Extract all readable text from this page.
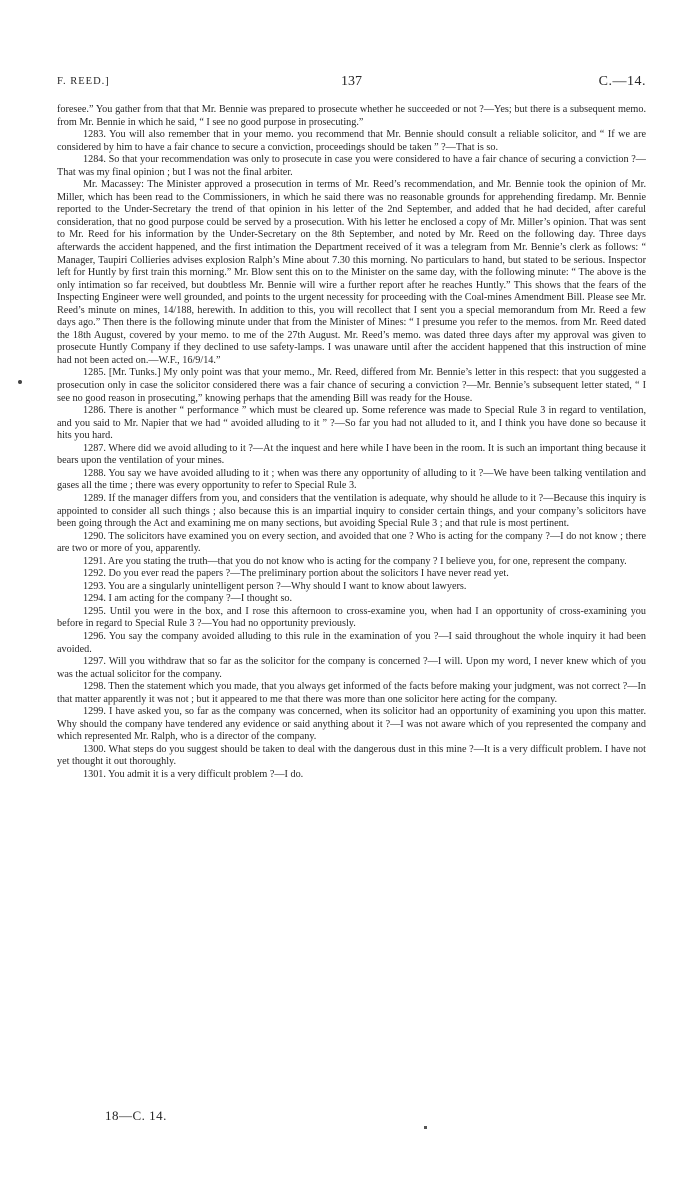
F. REED.]	137	C.—14.

foresee.” You gather from that that Mr. Bennie was prepared to prosecute whether he succeeded or not ?—Yes; but there is a subsequent memo. from Mr. Bennie in which he said, “ I see no good purpose in prosecuting.”

1283. You will also remember that in your memo. you recommend that Mr. Bennie should consult a reliable solicitor, and “ If we are considered by him to have a fair chance to secure a conviction, proceedings should be taken ” ?—That is so.

1284. So that your recommendation was only to prosecute in case you were considered to have a fair chance of securing a conviction ?—That was my final opinion ; but I was not the final arbiter.

Mr. Macassey: The Minister approved a prosecution in terms of Mr. Reed’s recommendation, and Mr. Bennie took the opinion of Mr. Miller, which has been read to the Commissioners, in which he said there was no reasonable grounds for apprehending firedamp. Mr. Bennie reported to the Under-Secretary the trend of that opinion in his letter of the 2nd September, and added that he had decided, after careful consideration, that no good purpose could be served by a prosecution. With his letter he enclosed a copy of Mr. Miller’s opinion. That was sent to Mr. Reed for his information by the Under-Secretary on the 8th September, and noted by Mr. Reed on the following day. Three days afterwards the accident happened, and the first intimation the Department received of it was a telegram from Mr. Bennie’s clerk as follows: “ Manager, Taupiri Collieries advises explosion Ralph’s Mine about 7.30 this morning. No particulars to hand, but stated to be serious. Inspector left for Huntly by first train this morning.” Mr. Blow sent this on to the Minister on the same day, with the following minute: “ The above is the only intimation so far received, but doubtless Mr. Bennie will wire a further report after he reaches Huntly.” This shows that the fears of the Inspecting Engineer were well grounded, and points to the urgent necessity for proceeding with the Coal-mines Amendment Bill. Please see Mr. Reed’s minute on mines, 14/188, herewith. In addition to this, you will recollect that I sent you a special memorandum from Mr. Reed a few days ago.” Then there is the following minute under that from the Minister of Mines: “ I presume you refer to the memos. from Mr. Reed dated the 18th August, covered by your memo. to me of the 27th August. Mr. Reed’s memo. was dated three days after my approval was given to prosecute Huntly Company if they declined to use safety-lamps. I was unaware until after the accident happened that this instruction of mine had not been acted on.—W.F., 16/9/14.”

1285. [Mr. Tunks.] My only point was that your memo., Mr. Reed, differed from Mr. Bennie’s letter in this respect: that you suggested a prosecution only in case the solicitor considered there was a fair chance of securing a conviction ?—Mr. Bennie’s subsequent letter stated, “ I see no good reason in prosecuting,” knowing perhaps that the amending Bill was ready for the House.

1286. There is another “ performance ” which must be cleared up. Some reference was made to Special Rule 3 in regard to ventilation, and you said to Mr. Napier that we had “ avoided alluding to it ” ?—So far you had not alluded to it, and I think you have done so because it hits you hard.

1287. Where did we avoid alluding to it ?—At the inquest and here while I have been in the room. It is such an important thing because it bears upon the ventilation of your mines.

1288. You say we have avoided alluding to it ; when was there any opportunity of alluding to it ?—We have been talking ventilation and gases all the time ; there was every opportunity to refer to Special Rule 3.

1289. If the manager differs from you, and considers that the ventilation is adequate, why should he allude to it ?—Because this inquiry is appointed to consider all such things ; also because this is an impartial inquiry to consider certain things, and your company’s solicitors have been going through the Act and examining me on many sections, but avoiding Special Rule 3 ; and that rule is most pertinent.

1290. The solicitors have examined you on every section, and avoided that one ? Who is acting for the company ?—I do not know ; there are two or more of you, apparently.

1291. Are you stating the truth—that you do not know who is acting for the company ? I believe you, for one, represent the company.

1292. Do you ever read the papers ?—The preliminary portion about the solicitors I have never read yet.

1293. You are a singularly unintelligent person ?—Why should I want to know about lawyers.

1294. I am acting for the company ?—I thought so.

1295. Until you were in the box, and I rose this afternoon to cross-examine you, when had I an opportunity of cross-examining you before in regard to Special Rule 3 ?—You had no opportunity previously.

1296. You say the company avoided alluding to this rule in the examination of you ?—I said throughout the whole inquiry it had been avoided.

1297. Will you withdraw that so far as the solicitor for the company is concerned ?—I will. Upon my word, I never knew which of you was the actual solicitor for the company.

1298. Then the statement which you made, that you always get informed of the facts before making your judgment, was not correct ?—In that matter apparently it was not ; but it appeared to me that there was more than one solicitor here acting for the company.

1299. I have asked you, so far as the company was concerned, when its solicitor had an opportunity of examining you upon this matter. Why should the company have tendered any evidence or said anything about it ?—I was not aware which of you represented the company and which represented Mr. Ralph, who is a director of the company.

1300. What steps do you suggest should be taken to deal with the dangerous dust in this mine ?—It is a very difficult problem. I have not yet thought it out thoroughly.

1301. You admit it is a very difficult problem ?—I do.

18—C. 14.
